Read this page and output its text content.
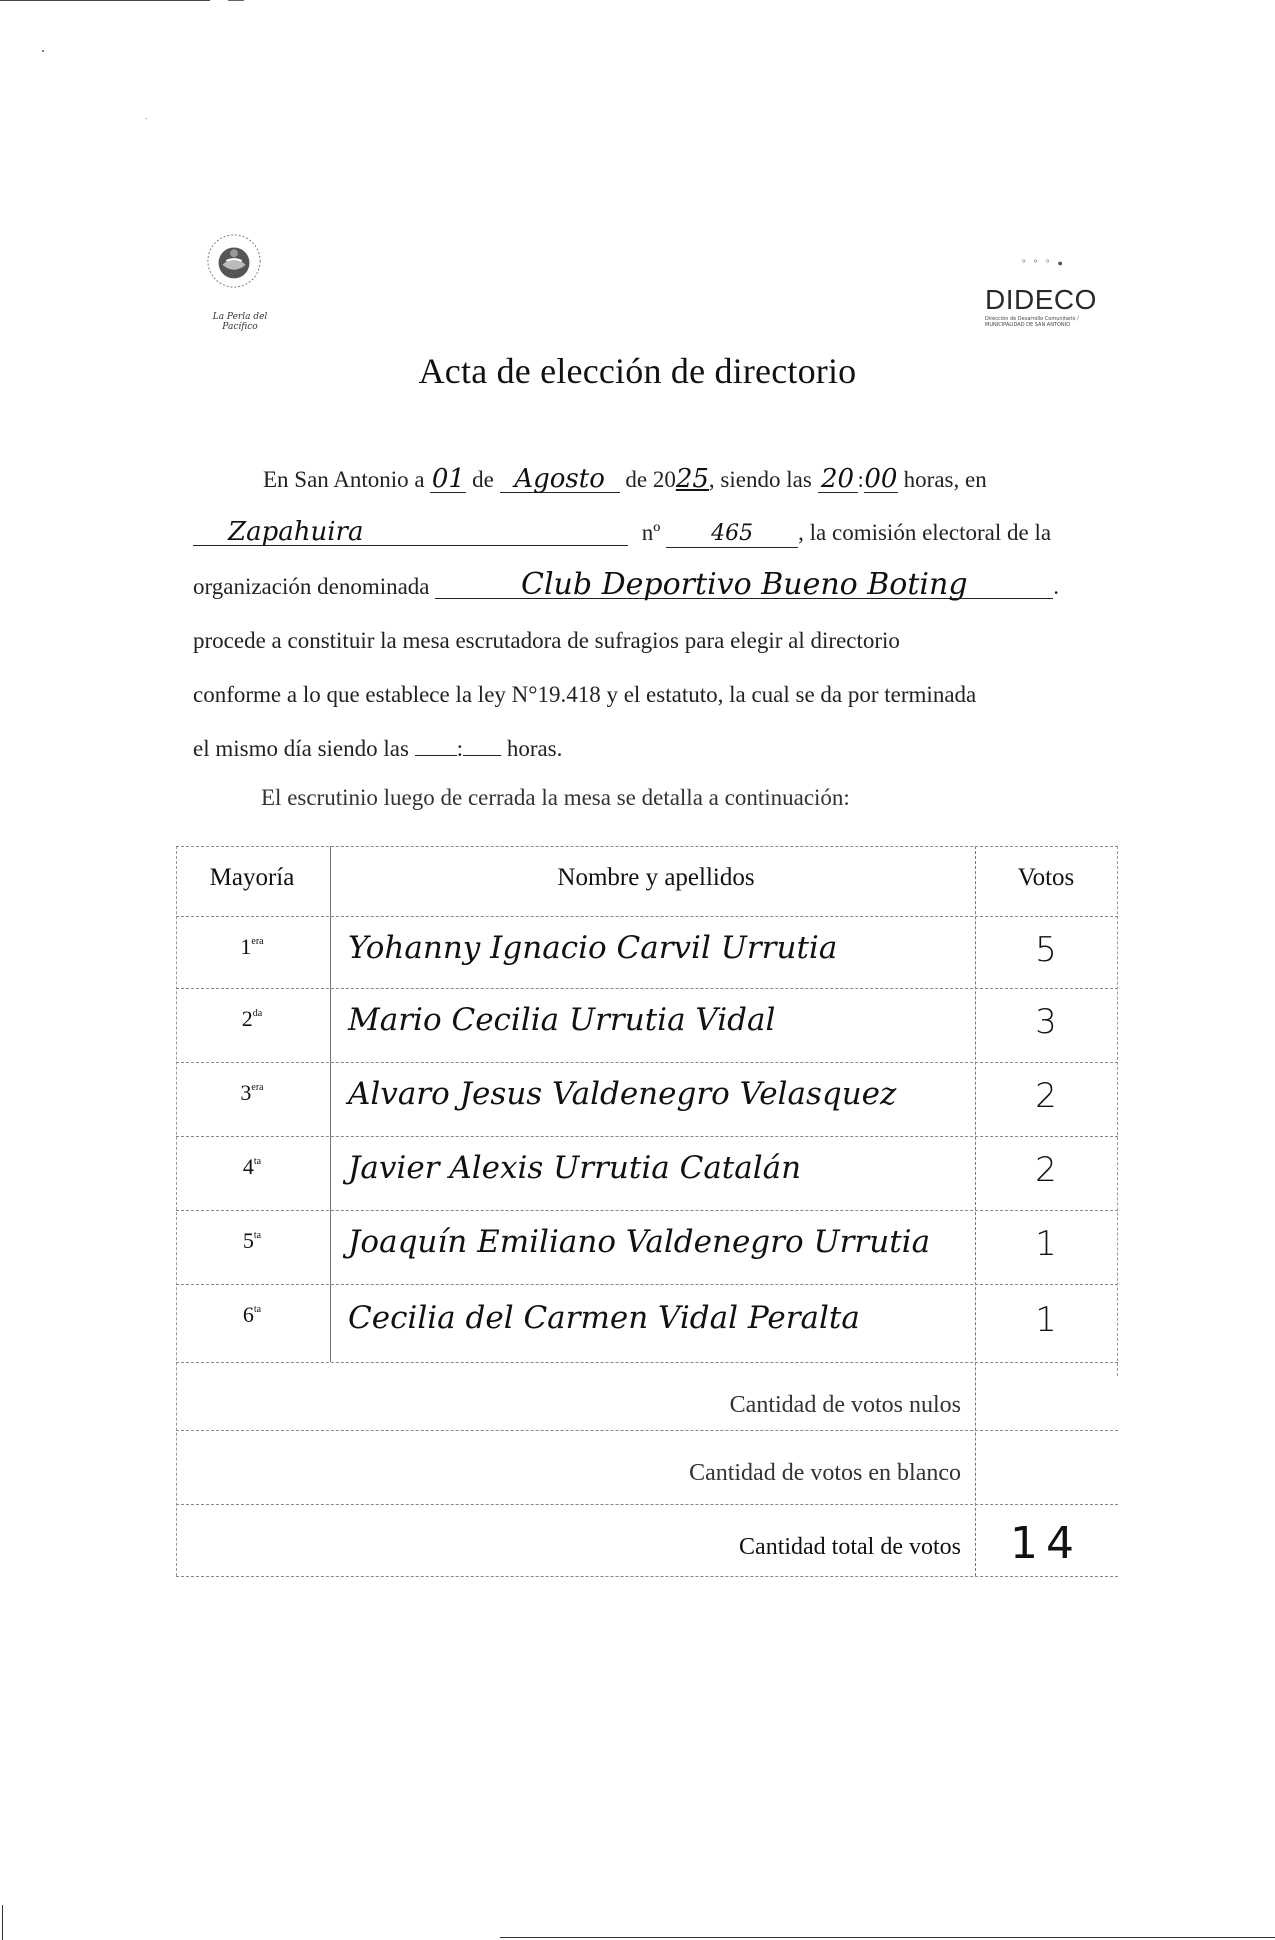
La Perla del Pacífico
° ° ° ●
DIDECO
Dirección de Desarrollo Comunitario / MUNICIPALIDAD DE SAN ANTONIO
Acta de elección de directorio
En San Antonio a 01 de Agosto de 2025, siendo las 20 :00 horas, en
Zapahuira	nº 465 , la comisión electoral de la
organización denominada	Club Deportivo Bueno Boting	.
procede a constituir la mesa escrutadora de sufragios para elegir al directorio
conforme a lo que establece la ley N°19.418 y el estatuto, la cual se da por terminada
el mismo día siendo las : horas.
El escrutinio luego de cerrada la mesa se detalla a continuación:
Mayoría	Nombre y apellidos	Votos
$1^{era}$	Yohanny Ignacio Carvil Urrutia	5
$2^{da}$	Mario Cecilia Urrutia Vidal	3
$3^{era}$	Alvaro Jesus Valdenegro Velasquez	2
$4^{ta}$	Javier Alexis Urrutia Catalán	2
$5^{ta}$	Joaquín Emiliano Valdenegro Urrutia	1
$6^{ta}$	Cecilia del Carmen Vidal Peralta	1
Cantidad de votos nulos
Cantidad de votos en blanco
Cantidad total de votos	14
